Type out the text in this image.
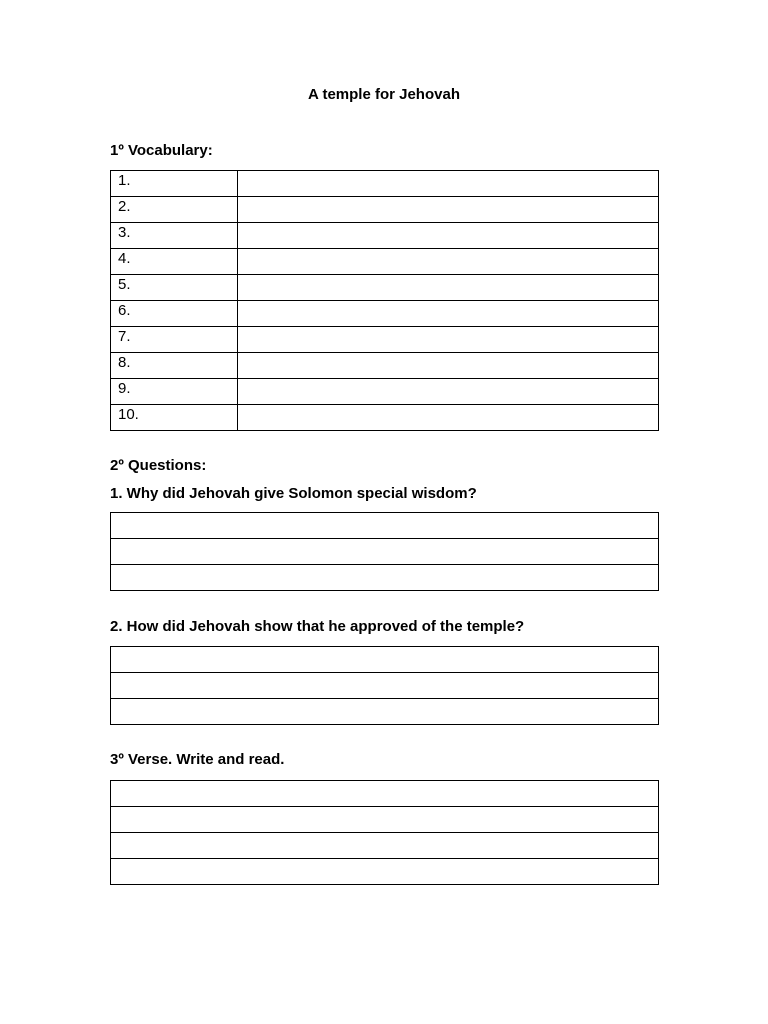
A temple for Jehovah
1º Vocabulary:
1.	
2.	
3.	
4.	
5.	
6.	
7.	
8.	
9.	
10.	
2º Questions:
1. Why did Jehovah give Solomon special wisdom?

2. How did Jehovah show that he approved of the temple?

3º Verse. Write and read.
